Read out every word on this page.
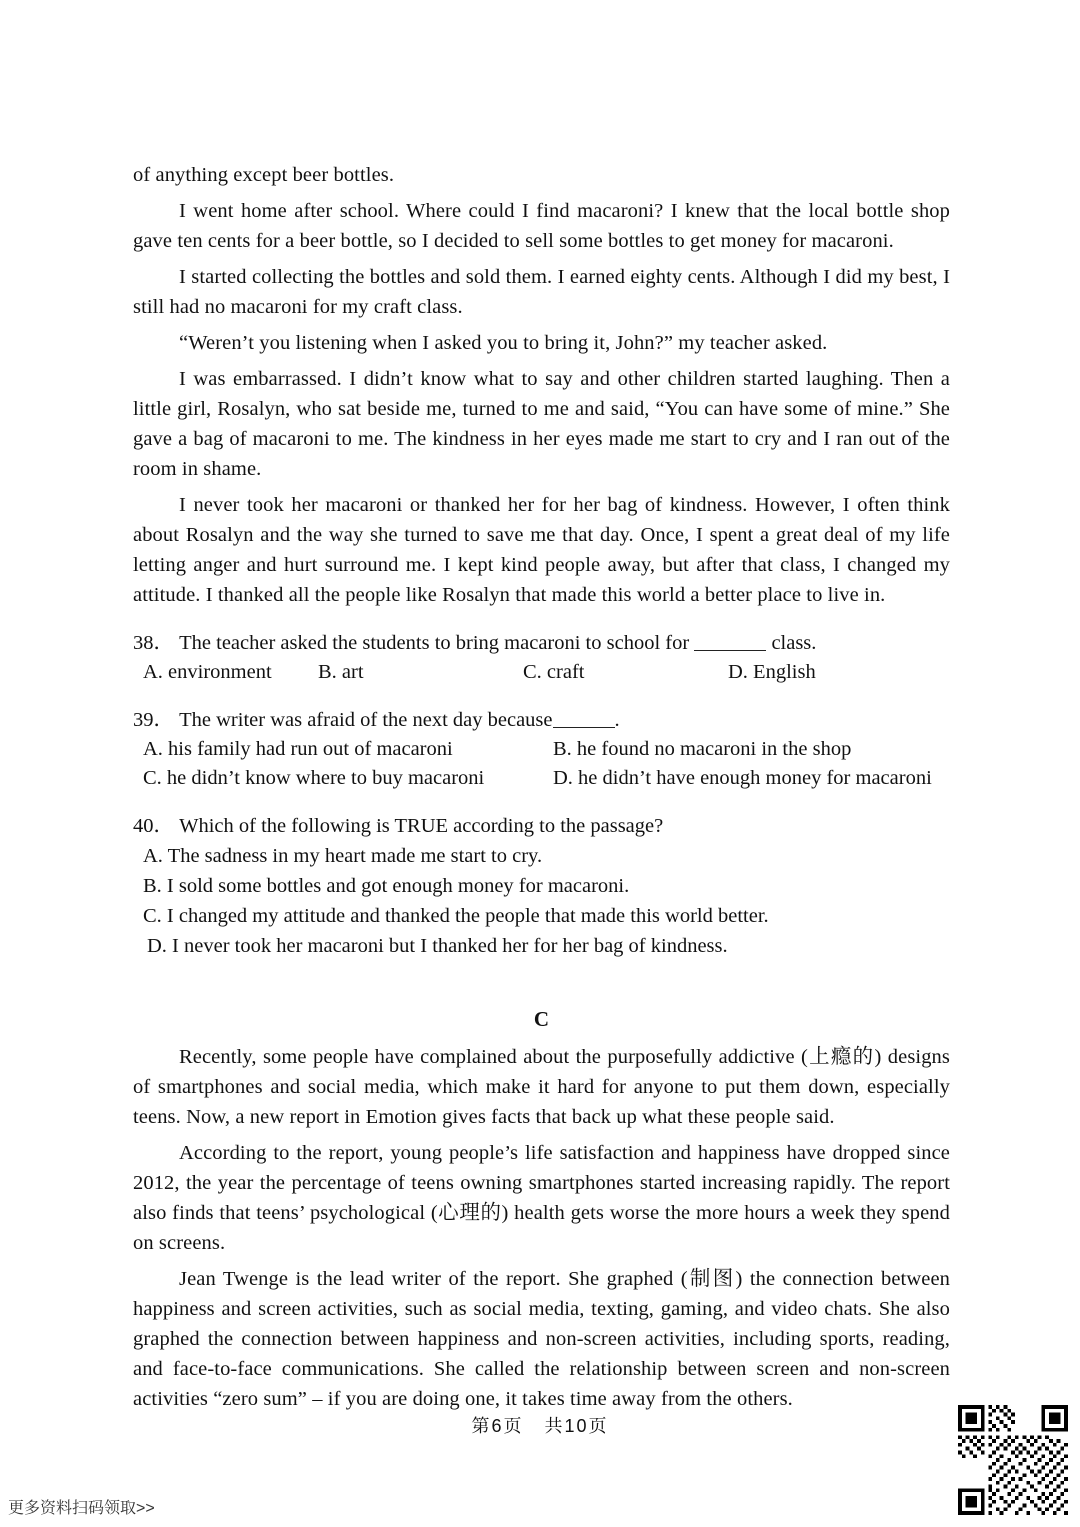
of anything except beer bottles.

I went home after school. Where could I find macaroni? I knew that the local bottle shop gave ten cents for a beer bottle, so I decided to sell some bottles to get money for macaroni.

I started collecting the bottles and sold them. I earned eighty cents. Although I did my best, I still had no macaroni for my craft class.

“Weren’t you listening when I asked you to bring it, John?” my teacher asked.

I was embarrassed. I didn’t know what to say and other children started laughing. Then a little girl, Rosalyn, who sat beside me, turned to me and said, “You can have some of mine.” She gave a bag of macaroni to me. The kindness in her eyes made me start to cry and I ran out of the room in shame.

I never took her macaroni or thanked her for her bag of kindness. However, I often think about Rosalyn and the way she turned to save me that day. Once, I spent a great deal of my life letting anger and hurt surround me. I kept kind people away, but after that class, I changed my attitude. I thanked all the people like Rosalyn that made this world a better place to live in.

38． The teacher asked the students to bring macaroni to school for	class.
A. environment	B. art	C. craft	D. English
39． The writer was afraid of the next day because	.
A. his family had run out of macaroni	B. he found no macaroni in the shop
C. he didn’t know where to buy macaroni	D. he didn’t have enough money for macaroni
40． Which of the following is TRUE according to the passage?
A. The sadness in my heart made me start to cry.
B. I sold some bottles and got enough money for macaroni.
C. I changed my attitude and thanked the people that made this world better.
D. I never took her macaroni but I thanked her for her bag of kindness.
C

Recently, some people have complained about the purposefully addictive (上瘾的) designs of smartphones and social media, which make it hard for anyone to put them down, especially teens. Now, a new report in Emotion gives facts that back up what these people said.

According to the report, young people’s life satisfaction and happiness have dropped since 2012, the year the percentage of teens owning smartphones started increasing rapidly. The report also finds that teens’ psychological (心理的) health gets worse the more hours a week they spend on screens.

Jean Twenge is the lead writer of the report. She graphed (制图) the connection between happiness and screen activities, such as social media, texting, gaming, and video chats. She also graphed the connection between happiness and non-screen activities, including sports, reading, and face-to-face communications. She called the relationship between screen and non-screen activities “zero sum” – if you are doing one, it takes time away from the others.

第6页 共10页
更多资料扫码领取>>
